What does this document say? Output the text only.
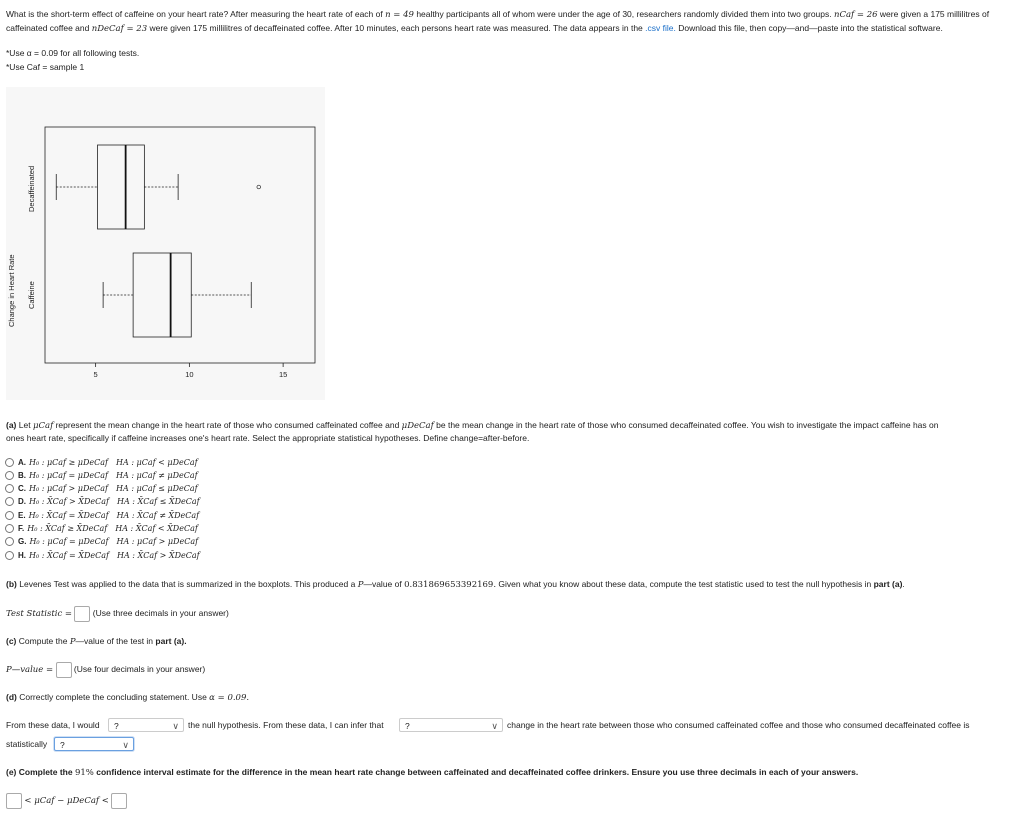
What is the short-term effect of caffeine on your heart rate? After measuring the heart rate of each of n = 49 healthy participants all of whom were under the age of 30, researchers randomly divided them into two groups. nCaf = 26 were given a 175 millilitres of caffeinated coffee and nDeCaf = 23 were given 175 millilitres of decaffeinated coffee. After 10 minutes, each persons heart rate was measured. The data appears in the .csv file. Download this file, then copy—and—paste into the statistical software.
*Use α = 0.09 for all following tests.
*Use Caf = sample 1
Change in Heart Rate
Decaffeinated
Caffeine
5	10	15
(a) Let μCaf represent the mean change in the heart rate of those who consumed caffeinated coffee and μDeCaf be the mean change in the heart rate of those who consumed decaffeinated coffee. You wish to investigate the impact caffeine has on
ones heart rate, specifically if caffeine increases one's heart rate. Select the appropriate statistical hypotheses. Define change=after-before.
A. H₀ : μCaf ≥ μDeCaf HA : μCaf < μDeCaf
B. H₀ : μCaf = μDeCaf HA : μCaf ≠ μDeCaf
C. H₀ : μCaf > μDeCaf HA : μCaf ≤ μDeCaf
D. H₀ : X̄Caf > X̄DeCaf HA : X̄Caf ≤ X̄DeCaf
E. H₀ : X̄Caf = X̄DeCaf HA : X̄Caf ≠ X̄DeCaf
F. H₀ : X̄Caf ≥ X̄DeCaf HA : X̄Caf < X̄DeCaf
G. H₀ : μCaf = μDeCaf HA : μCaf > μDeCaf
H. H₀ : X̄Caf = X̄DeCaf HA : X̄Caf > X̄DeCaf
(b) Levenes Test was applied to the data that is summarized in the boxplots. This produced a P—value of 0.831869653392169. Given what you know about these data, compute the test statistic used to test the null hypothesis in part (a).
Test Statistic = (Use three decimals in your answer)
(c) Compute the P—value of the test in part (a).
P—value = (Use four decimals in your answer)
(d) Correctly complete the concluding statement. Use α = 0.09.
From these data, I would	?	∨ the null hypothesis. From these data, I can infer that	?	∨ change in the heart rate between those who consumed caffeinated coffee and those who consumed decaffeinated coffee is
statistically	?	∨
(e) Complete the 91% confidence interval estimate for the difference in the mean heart rate change between caffeinated and decaffeinated coffee drinkers. Ensure you use three decimals in each of your answers.
< μCaf − μDeCaf <
